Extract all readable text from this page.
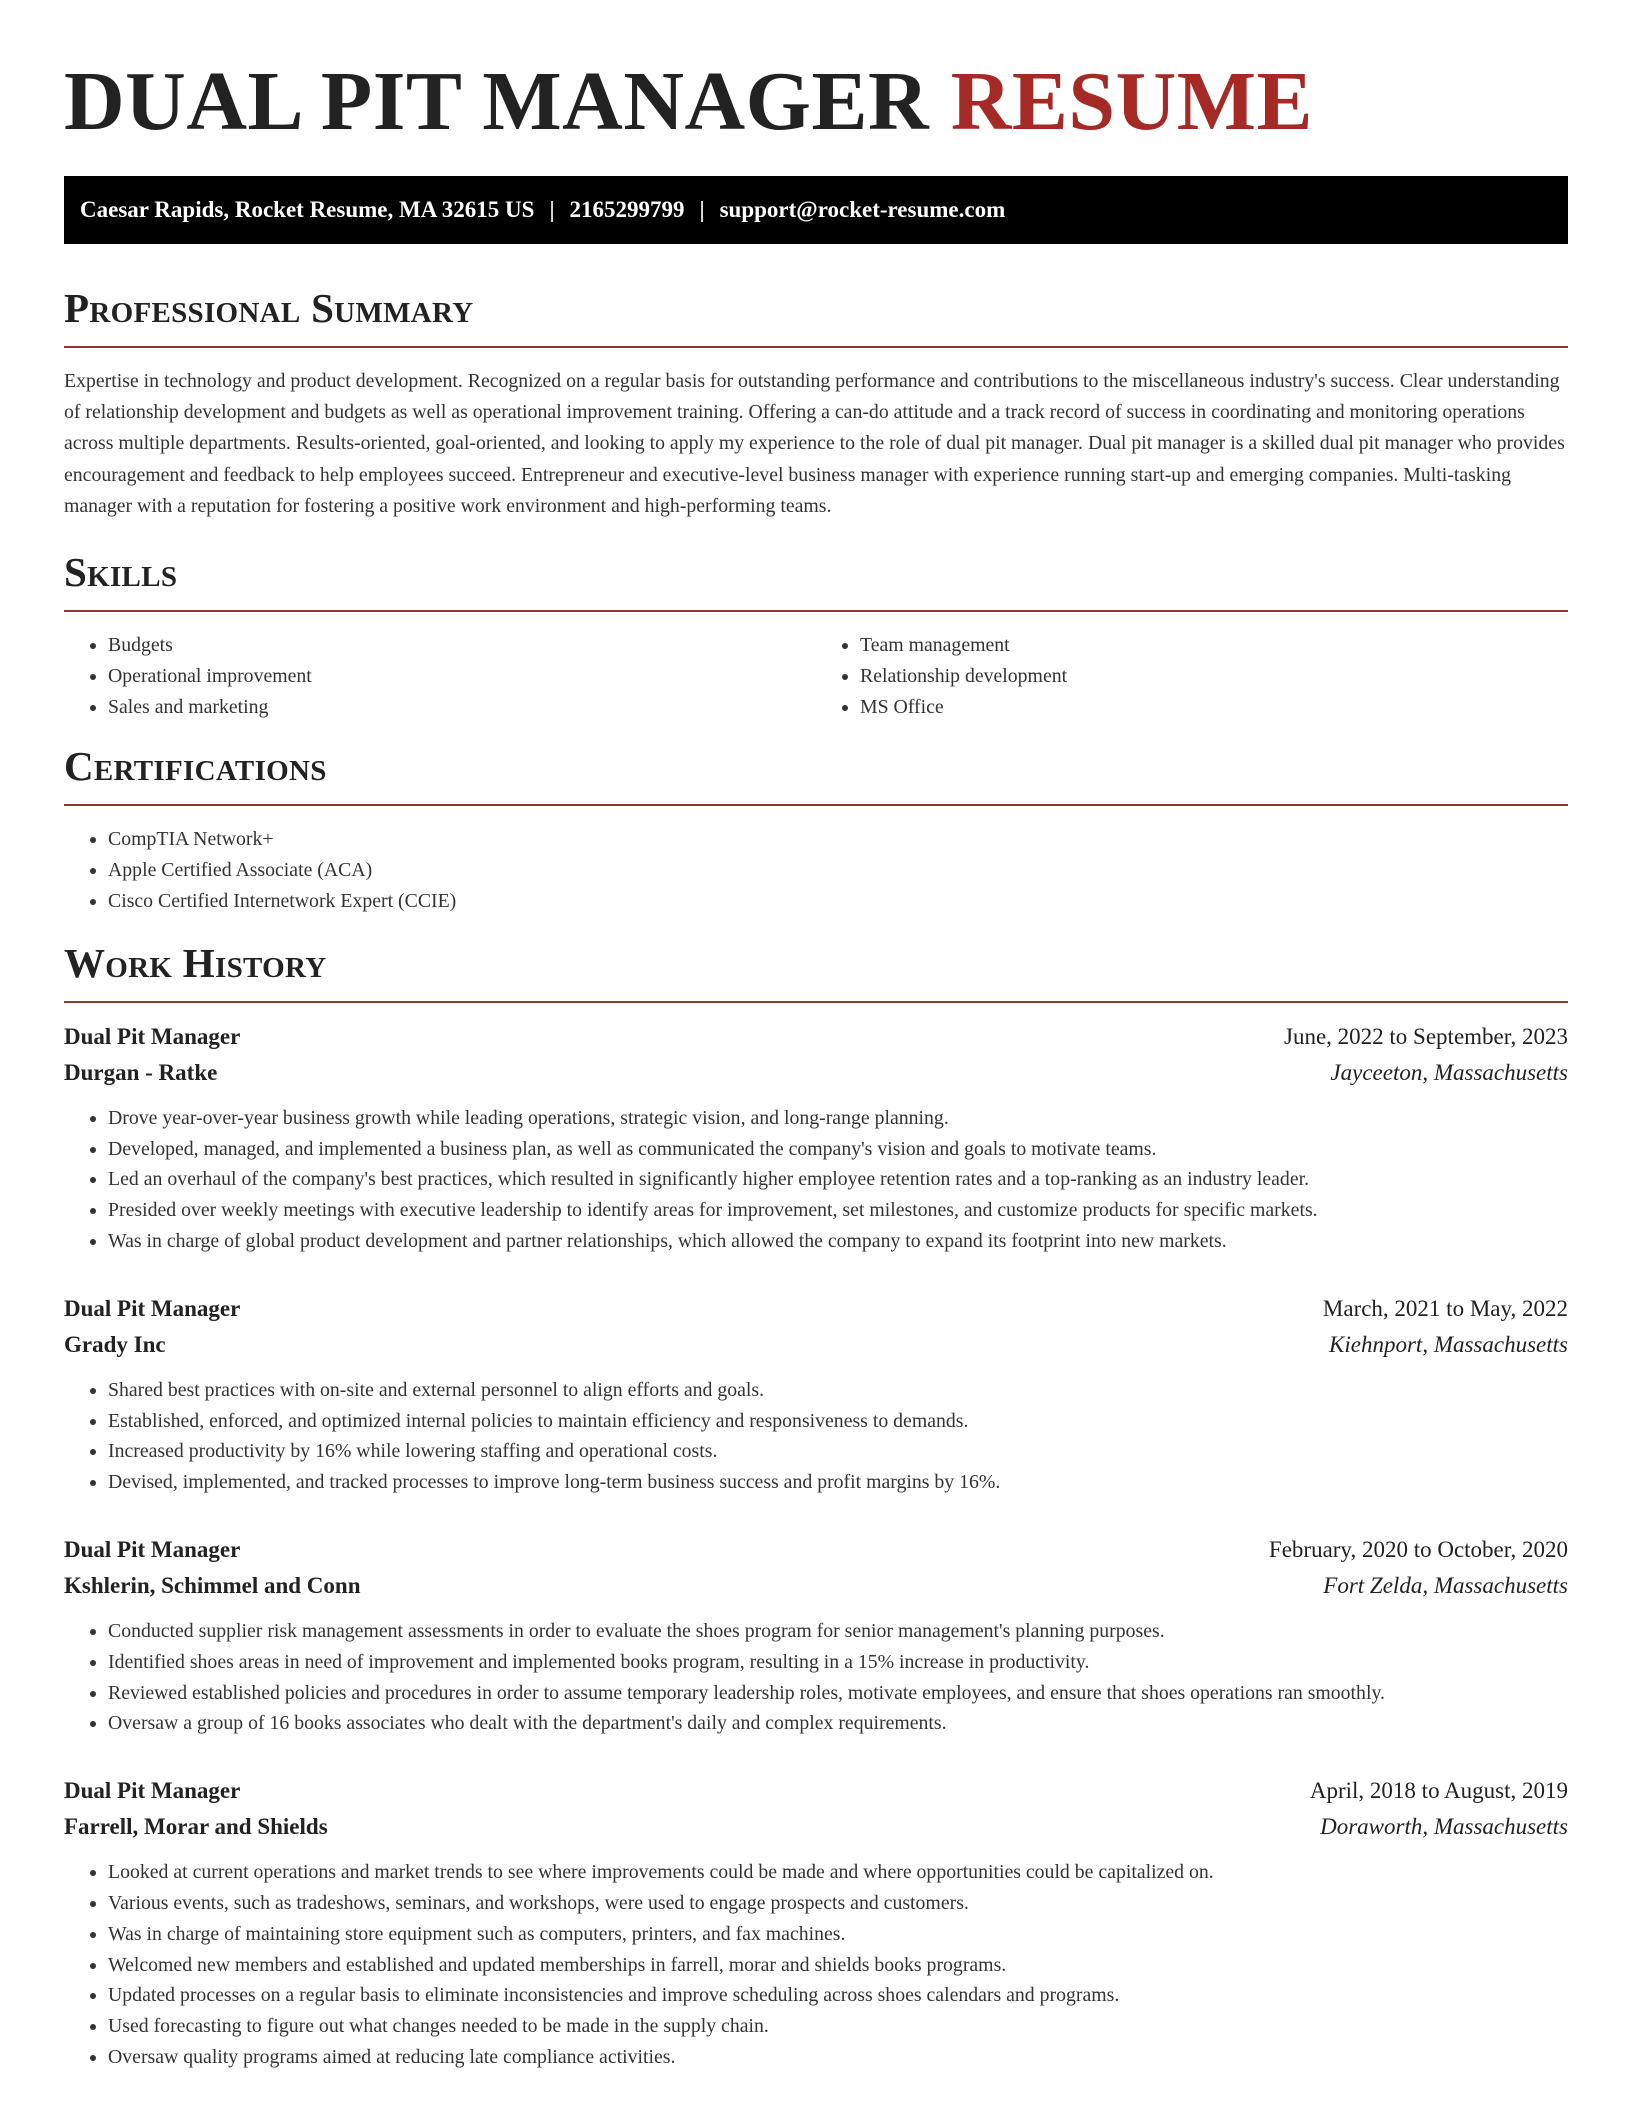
DUAL PIT MANAGER RESUME
Caesar Rapids, Rocket Resume, MA 32615 US | 2165299799 | support@rocket-resume.com
Professional Summary

Expertise in technology and product development. Recognized on a regular basis for outstanding performance and contributions to the miscellaneous industry's success. Clear understanding of relationship development and budgets as well as operational improvement training. Offering a can-do attitude and a track record of success in coordinating and monitoring operations across multiple departments. Results-oriented, goal-oriented, and looking to apply my experience to the role of dual pit manager. Dual pit manager is a skilled dual pit manager who provides encouragement and feedback to help employees succeed. Entrepreneur and executive-level business manager with experience running start-up and emerging companies. Multi-tasking manager with a reputation for fostering a positive work environment and high-performing teams.

Skills
• Budgets
• Operational improvement
• Sales and marketing
• Team management
• Relationship development
• MS Office
Certifications
• CompTIA Network+
• Apple Certified Associate (ACA)
• Cisco Certified Internetwork Expert (CCIE)
Work History
Dual Pit Manager	June, 2022 to September, 2023
Durgan - Ratke	Jayceeton, Massachusetts
• Drove year-over-year business growth while leading operations, strategic vision, and long-range planning.
• Developed, managed, and implemented a business plan, as well as communicated the company's vision and goals to motivate teams.
• Led an overhaul of the company's best practices, which resulted in significantly higher employee retention rates and a top-ranking as an industry leader.
• Presided over weekly meetings with executive leadership to identify areas for improvement, set milestones, and customize products for specific markets.
• Was in charge of global product development and partner relationships, which allowed the company to expand its footprint into new markets.
Dual Pit Manager	March, 2021 to May, 2022
Grady Inc	Kiehnport, Massachusetts
• Shared best practices with on-site and external personnel to align efforts and goals.
• Established, enforced, and optimized internal policies to maintain efficiency and responsiveness to demands.
• Increased productivity by 16% while lowering staffing and operational costs.
• Devised, implemented, and tracked processes to improve long-term business success and profit margins by 16%.
Dual Pit Manager	February, 2020 to October, 2020
Kshlerin, Schimmel and Conn	Fort Zelda, Massachusetts
• Conducted supplier risk management assessments in order to evaluate the shoes program for senior management's planning purposes.
• Identified shoes areas in need of improvement and implemented books program, resulting in a 15% increase in productivity.
• Reviewed established policies and procedures in order to assume temporary leadership roles, motivate employees, and ensure that shoes operations ran smoothly.
• Oversaw a group of 16 books associates who dealt with the department's daily and complex requirements.
Dual Pit Manager	April, 2018 to August, 2019
Farrell, Morar and Shields	Doraworth, Massachusetts
• Looked at current operations and market trends to see where improvements could be made and where opportunities could be capitalized on.
• Various events, such as tradeshows, seminars, and workshops, were used to engage prospects and customers.
• Was in charge of maintaining store equipment such as computers, printers, and fax machines.
• Welcomed new members and established and updated memberships in farrell, morar and shields books programs.
• Updated processes on a regular basis to eliminate inconsistencies and improve scheduling across shoes calendars and programs.
• Used forecasting to figure out what changes needed to be made in the supply chain.
• Oversaw quality programs aimed at reducing late compliance activities.
